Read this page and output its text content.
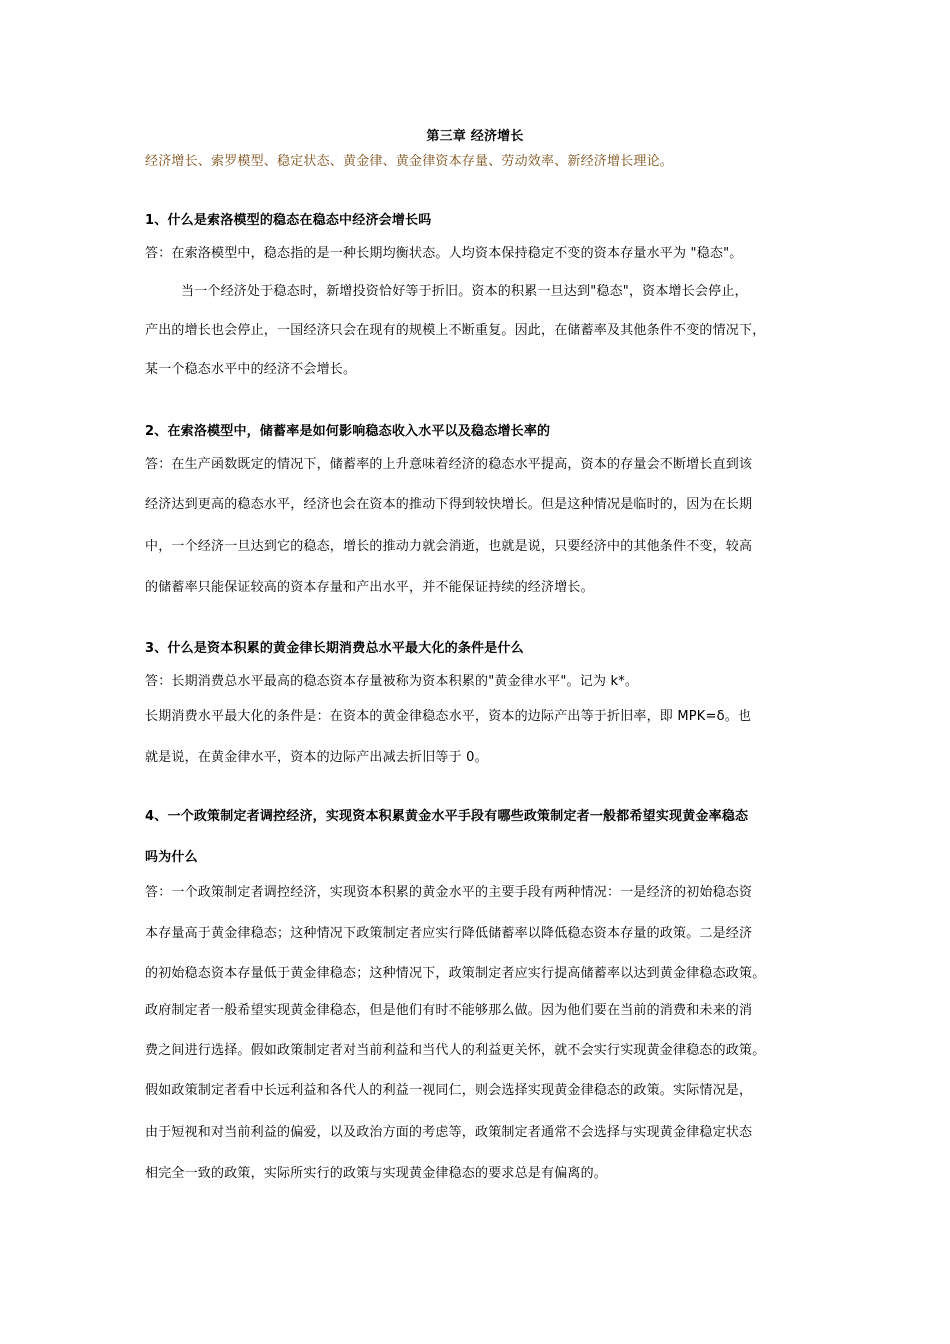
第三章 经济增长

经济增长、索罗模型、稳定状态、黄金律、黄金律资本存量、劳动效率、新经济增长理论。

1、什么是索洛模型的稳态在稳态中经济会增长吗

答：在索洛模型中，稳态指的是一种长期均衡状态。人均资本保持稳定不变的资本存量水平为 "稳态"。

当一个经济处于稳态时，新增投资恰好等于折旧。资本的积累一旦达到"稳态"，资本增长会停止，

产出的增长也会停止，一国经济只会在现有的规模上不断重复。因此，在储蓄率及其他条件不变的情况下，

某一个稳态水平中的经济不会增长。

2、在索洛模型中，储蓄率是如何影响稳态收入水平以及稳态增长率的

答：在生产函数既定的情况下，储蓄率的上升意味着经济的稳态水平提高，资本的存量会不断增长直到该

经济达到更高的稳态水平，经济也会在资本的推动下得到较快增长。但是这种情况是临时的，因为在长期

中，一个经济一旦达到它的稳态，增长的推动力就会消逝，也就是说，只要经济中的其他条件不变，较高

的储蓄率只能保证较高的资本存量和产出水平，并不能保证持续的经济增长。

3、什么是资本积累的黄金律长期消费总水平最大化的条件是什么

答：长期消费总水平最高的稳态资本存量被称为资本积累的"黄金律水平"。记为 k*。

长期消费水平最大化的条件是：在资本的黄金律稳态水平，资本的边际产出等于折旧率，即 MPK=δ。也

就是说，在黄金律水平，资本的边际产出减去折旧等于 0。

4、一个政策制定者调控经济，实现资本积累黄金水平手段有哪些政策制定者一般都希望实现黄金率稳态

吗为什么

答：一个政策制定者调控经济，实现资本积累的黄金水平的主要手段有两种情况：一是经济的初始稳态资

本存量高于黄金律稳态；这种情况下政策制定者应实行降低储蓄率以降低稳态资本存量的政策。二是经济

的初始稳态资本存量低于黄金律稳态；这种情况下，政策制定者应实行提高储蓄率以达到黄金律稳态政策。

政府制定者一般希望实现黄金律稳态，但是他们有时不能够那么做。因为他们要在当前的消费和未来的消

费之间进行选择。假如政策制定者对当前利益和当代人的利益更关怀，就不会实行实现黄金律稳态的政策。

假如政策制定者看中长远利益和各代人的利益一视同仁，则会选择实现黄金律稳态的政策。实际情况是，

由于短视和对当前利益的偏爱，以及政治方面的考虑等，政策制定者通常不会选择与实现黄金律稳定状态

相完全一致的政策，实际所实行的政策与实现黄金律稳态的要求总是有偏离的。
